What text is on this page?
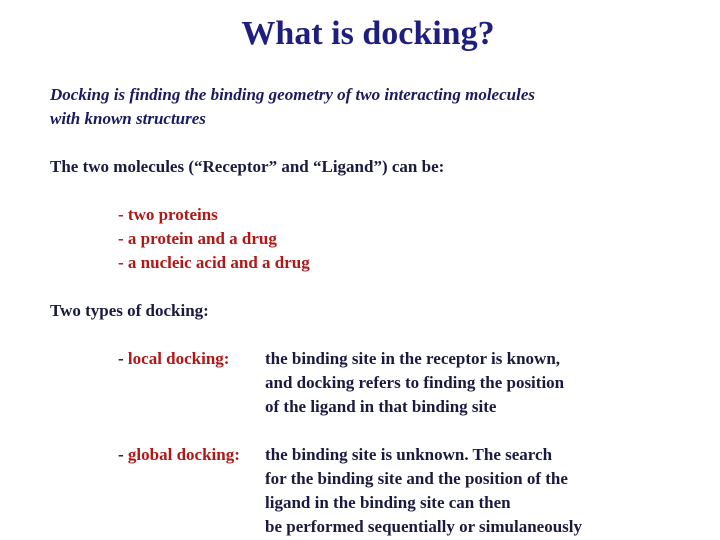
What is docking?
Docking is finding the binding geometry of two interacting molecules
with known structures
The two molecules (“Receptor” and “Ligand”) can be:
- two proteins
- a protein and a drug
- a nucleic acid and a drug
Two types of docking:
- local docking: the binding site in the receptor is known,
and docking refers to finding the position
of the ligand in that binding site
- global docking: the binding site is unknown. The search
for the binding site and the position of the
ligand in the binding site can then
be performed sequentially or simulaneously
